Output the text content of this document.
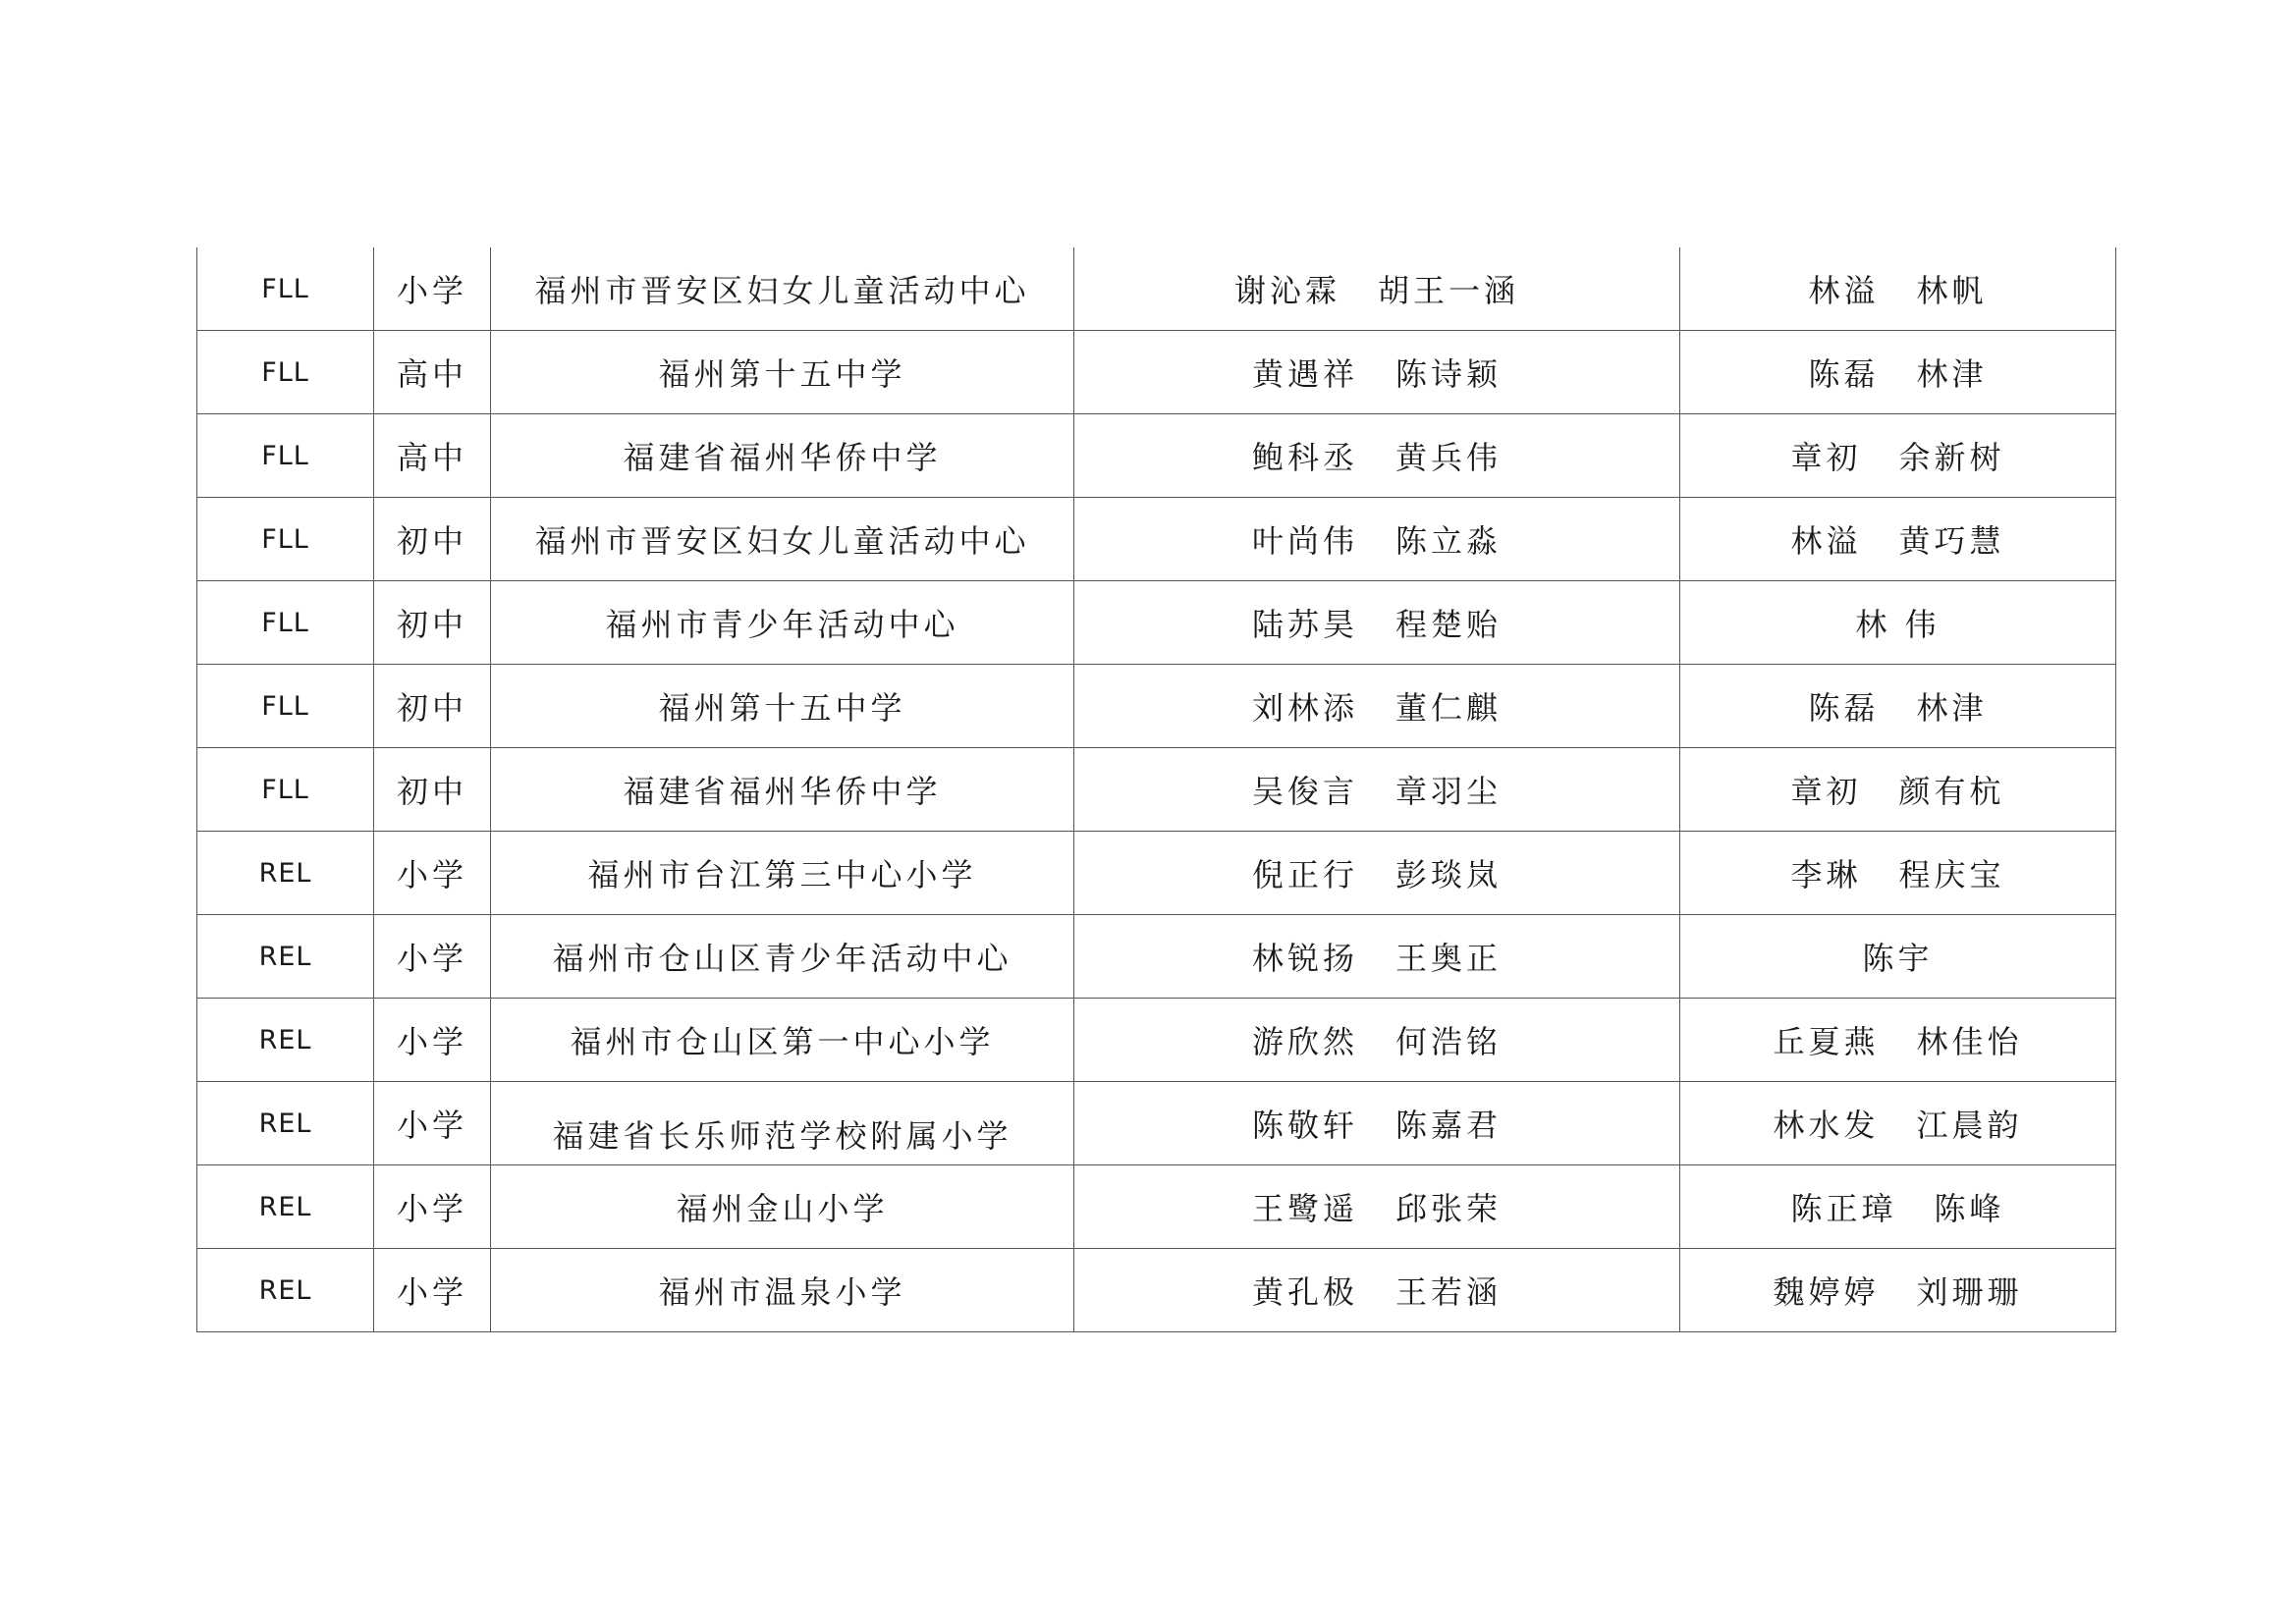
FLL	小学	福州市晋安区妇女儿童活动中心	谢沁霖 胡王一涵	林溢 林帆
FLL	高中	福州第十五中学	黄遇祥 陈诗颖	陈磊 林津
FLL	高中	福建省福州华侨中学	鲍科丞 黄兵伟	章初 余新树
FLL	初中	福州市晋安区妇女儿童活动中心	叶尚伟 陈立淼	林溢 黄巧慧
FLL	初中	福州市青少年活动中心	陆苏昊 程楚贻	林 伟
FLL	初中	福州第十五中学	刘林添 董仁麒	陈磊 林津
FLL	初中	福建省福州华侨中学	吴俊言 章羽尘	章初 颜有杭
REL	小学	福州市台江第三中心小学	倪正行 彭琰岚	李琳 程庆宝
REL	小学	福州市仓山区青少年活动中心	林锐扬 王奥正	陈宇
REL	小学	福州市仓山区第一中心小学	游欣然 何浩铭	丘夏燕 林佳怡
REL	小学	福建省长乐师范学校附属小学	陈敬轩 陈嘉君	林水发 江晨韵
REL	小学	福州金山小学	王鹭遥 邱张荣	陈正璋 陈峰
REL	小学	福州市温泉小学	黄孔极 王若涵	魏婷婷 刘珊珊
